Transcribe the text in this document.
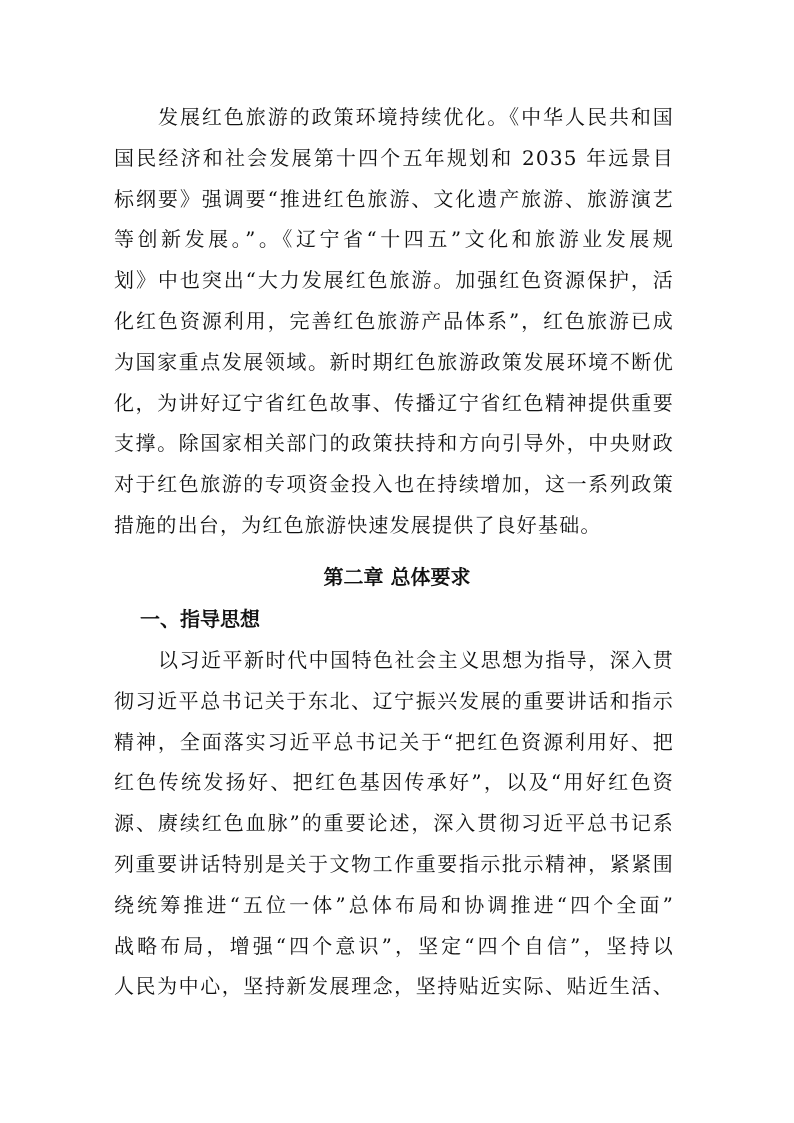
发展红色旅游的政策环境持续优化。《中华人民共和国
国民经济和社会发展第十四个五年规划和 2035 年远景目
标纲要》强调要“推进红色旅游、文化遗产旅游、旅游演艺
等创新发展。”。《辽宁省“十四五”文化和旅游业发展规
划》中也突出“大力发展红色旅游。加强红色资源保护，活
化红色资源利用，完善红色旅游产品体系”，红色旅游已成
为国家重点发展领域。新时期红色旅游政策发展环境不断优
化，为讲好辽宁省红色故事、传播辽宁省红色精神提供重要
支撑。除国家相关部门的政策扶持和方向引导外，中央财政
对于红色旅游的专项资金投入也在持续增加，这一系列政策
措施的出台，为红色旅游快速发展提供了良好基础。
第二章 总体要求
一、指导思想
以习近平新时代中国特色社会主义思想为指导，深入贯
彻习近平总书记关于东北、辽宁振兴发展的重要讲话和指示
精神，全面落实习近平总书记关于“把红色资源利用好、把
红色传统发扬好、把红色基因传承好”，以及“用好红色资
源、赓续红色血脉”的重要论述，深入贯彻习近平总书记系
列重要讲话特别是关于文物工作重要指示批示精神，紧紧围
绕统筹推进“五位一体”总体布局和协调推进“四个全面”
战略布局，增强“四个意识”，坚定“四个自信”，坚持以
人民为中心，坚持新发展理念，坚持贴近实际、贴近生活、
